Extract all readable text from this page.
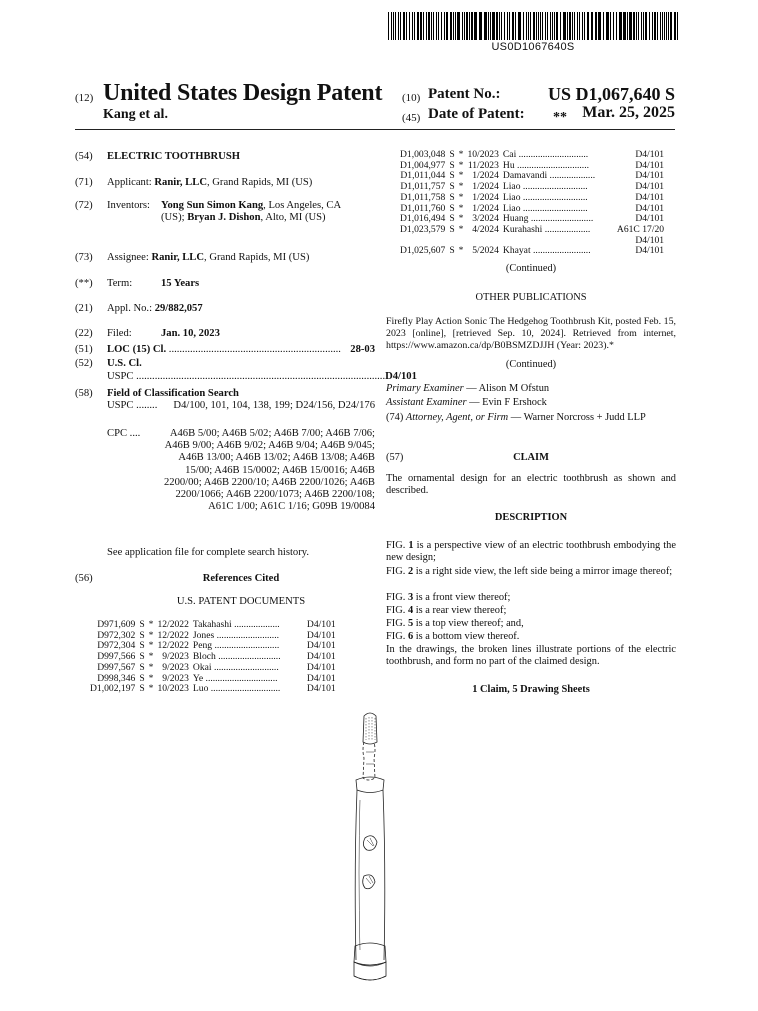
US0D1067640S
(12) United States Design Patent
Kang et al.
(10) Patent No.:	US D1,067,640 S
(45) Date of Patent: ** Mar. 25, 2025
(54) ELECTRIC TOOTHBRUSH
(71) Applicant: Ranir, LLC, Grand Rapids, MI (US)
(72) Inventors:	Yong Sun Simon Kang, Los Angeles, CA (US); Bryan J. Dishon, Alto, MI (US)
(73) Assignee: Ranir, LLC, Grand Rapids, MI (US)
(**) Term:	15 Years
(21) Appl. No.: 29/882,057
(22) Filed:	Jan. 10, 2023
(51) LOC (15) Cl. ................................................................. 28-03
(52) U.S. Cl.
USPC .............................................................................................. D4/101
(58) Field of Classification Search
USPC ........	D4/100, 101, 104, 138, 199; D24/156, D24/176
CPC ....	A46B 5/00; A46B 5/02; A46B 7/00; A46B 7/06; A46B 9/00; A46B 9/02; A46B 9/04; A46B 9/045; A46B 13/00; A46B 13/02; A46B 13/08; A46B 15/00; A46B 15/0002; A46B 15/0016; A46B 2200/00; A46B 2200/10; A46B 2200/1026; A46B 2200/1066; A46B 2200/1073; A46B 2200/108; A61C 1/00; A61C 1/16; G09B 19/0084
See application file for complete search history.
(56)	References Cited
U.S. PATENT DOCUMENTS
D971,609	S	*	12/2022	Takahashi ...................	D4/101
D972,302	S	*	12/2022	Jones ..........................	D4/101
D972,304	S	*	12/2022	Peng ...........................	D4/101
D997,566	S	*	9/2023	Bloch ..........................	D4/101
D997,567	S	*	9/2023	Okai ...........................	D4/101
D998,346	S	*	9/2023	Ye ..............................	D4/101
D1,002,197	S	*	10/2023	Luo .............................	D4/101
D1,003,048	S	*	10/2023	Cai .............................	D4/101
D1,004,977	S	*	11/2023	Hu ..............................	D4/101
D1,011,044	S	*	1/2024	Damavandi ...................	D4/101
D1,011,757	S	*	1/2024	Liao ...........................	D4/101
D1,011,758	S	*	1/2024	Liao ...........................	D4/101
D1,011,760	S	*	1/2024	Liao ...........................	D4/101
D1,016,494	S	*	3/2024	Huang ..........................	D4/101
D1,023,579	S	*	4/2024	Kurahashi ...................	A61C 17/20
					D4/101
D1,025,607	S	*	5/2024	Khayat ........................	D4/101
(Continued)
OTHER PUBLICATIONS
Firefly Play Action Sonic The Hedgehog Toothbrush Kit, posted Feb. 15, 2023 [online], [retrieved Sep. 10, 2024]. Retrieved from internet, https://www.amazon.ca/dp/B0BSMZDJJH (Year: 2023).*
(Continued)
Primary Examiner — Alison M Ofstun
Assistant Examiner — Evin F Ershock
(74) Attorney, Agent, or Firm — Warner Norcross + Judd LLP
(57)	CLAIM
The ornamental design for an electric toothbrush as shown and described.
DESCRIPTION
FIG. 1 is a perspective view of an electric toothbrush embodying the new design;
FIG. 2 is a right side view, the left side being a mirror image thereof;
FIG. 3 is a front view thereof;
FIG. 4 is a rear view thereof;
FIG. 5 is a top view thereof; and,
FIG. 6 is a bottom view thereof.
In the drawings, the broken lines illustrate portions of the electric toothbrush, and form no part of the claimed design.
1 Claim, 5 Drawing Sheets
